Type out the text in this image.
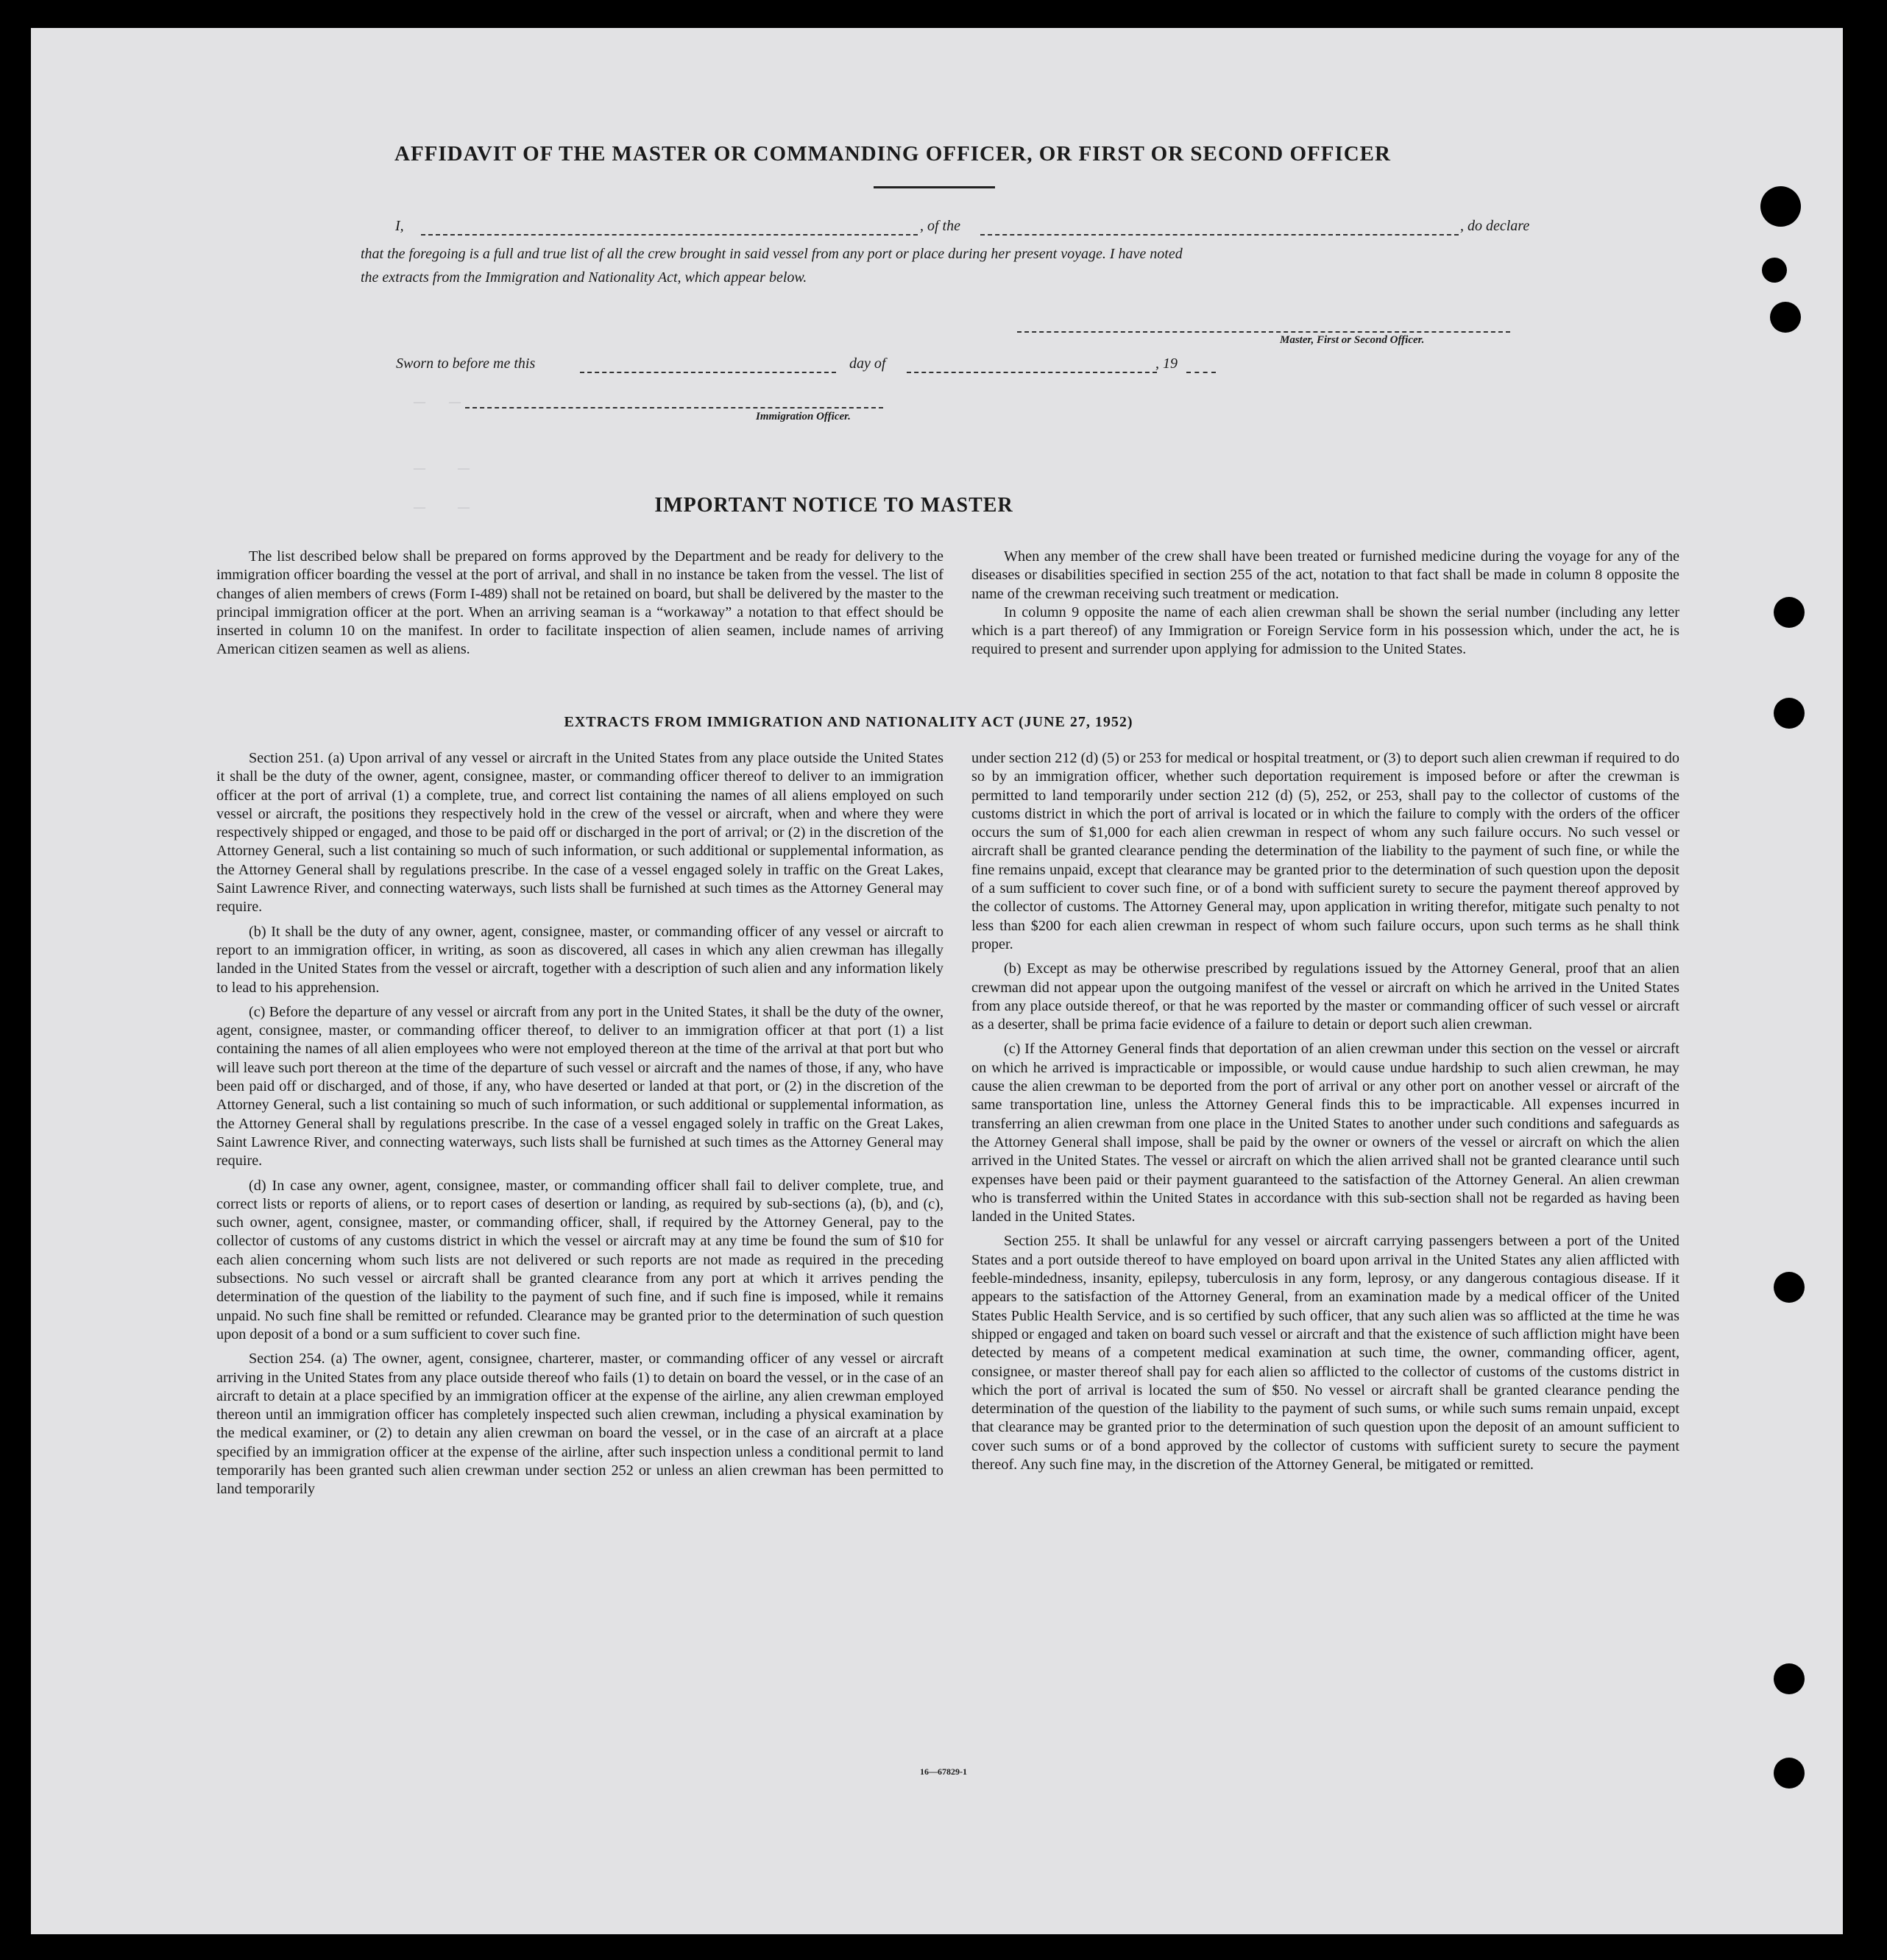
AFFIDAVIT OF THE MASTER OR COMMANDING OFFICER, OR FIRST OR SECOND OFFICER
I,	, of the	, do declare
that the foregoing is a full and true list of all the crew brought in said vessel from any port or place during her present voyage. I have noted
the extracts from the Immigration and Nationality Act, which appear below.
Master, First or Second Officer.
Sworn to before me this	day of	, 19
Immigration Officer.
—        —
—           —
—           —	IMPORTANT NOTICE TO MASTER

The list described below shall be prepared on forms approved by the Department and be ready for delivery to the immigration officer boarding the vessel at the port of arrival, and shall in no instance be taken from the vessel. The list of changes of alien members of crews (Form I-489) shall not be retained on board, but shall be delivered by the master to the principal immigration officer at the port. When an arriving seaman is a “workaway” a notation to that effect should be inserted in column 10 on the manifest. In order to facilitate inspection of alien seamen, include names of arriving American citizen seamen as well as aliens.

When any member of the crew shall have been treated or furnished medicine during the voyage for any of the diseases or disabilities specified in section 255 of the act, notation to that fact shall be made in column 8 opposite the name of the crewman receiving such treatment or medication.

In column 9 opposite the name of each alien crewman shall be shown the serial number (including any letter which is a part thereof) of any Immigration or Foreign Service form in his possession which, under the act, he is required to present and surrender upon applying for admission to the United States.

EXTRACTS FROM IMMIGRATION AND NATIONALITY ACT (JUNE 27, 1952)

Section 251. (a) Upon arrival of any vessel or aircraft in the United States from any place outside the United States it shall be the duty of the owner, agent, consignee, master, or commanding officer thereof to deliver to an immigration officer at the port of arrival (1) a complete, true, and correct list containing the names of all aliens employed on such vessel or aircraft, the positions they respectively hold in the crew of the vessel or aircraft, when and where they were respectively shipped or engaged, and those to be paid off or discharged in the port of arrival; or (2) in the discretion of the Attorney General, such a list containing so much of such information, or such additional or supplemental information, as the Attorney General shall by regulations prescribe. In the case of a vessel engaged solely in traffic on the Great Lakes, Saint Lawrence River, and connecting waterways, such lists shall be furnished at such times as the Attorney General may require.

(b) It shall be the duty of any owner, agent, consignee, master, or commanding officer of any vessel or aircraft to report to an immigration officer, in writing, as soon as discovered, all cases in which any alien crewman has illegally landed in the United States from the vessel or aircraft, together with a description of such alien and any information likely to lead to his apprehension.

(c) Before the departure of any vessel or aircraft from any port in the United States, it shall be the duty of the owner, agent, consignee, master, or commanding officer thereof, to deliver to an immigration officer at that port (1) a list containing the names of all alien employees who were not employed thereon at the time of the arrival at that port but who will leave such port thereon at the time of the departure of such vessel or aircraft and the names of those, if any, who have been paid off or discharged, and of those, if any, who have deserted or landed at that port, or (2) in the discretion of the Attorney General, such a list containing so much of such information, or such additional or supplemental information, as the Attorney General shall by regulations prescribe. In the case of a vessel engaged solely in traffic on the Great Lakes, Saint Lawrence River, and connecting waterways, such lists shall be furnished at such times as the Attorney General may require.

(d) In case any owner, agent, consignee, master, or commanding officer shall fail to deliver complete, true, and correct lists or reports of aliens, or to report cases of desertion or landing, as required by sub-sections (a), (b), and (c), such owner, agent, consignee, master, or commanding officer, shall, if required by the Attorney General, pay to the collector of customs of any customs district in which the vessel or aircraft may at any time be found the sum of $10 for each alien concerning whom such lists are not delivered or such reports are not made as required in the preceding subsections. No such vessel or aircraft shall be granted clearance from any port at which it arrives pending the determination of the question of the liability to the payment of such fine, and if such fine is imposed, while it remains unpaid. No such fine shall be remitted or refunded. Clearance may be granted prior to the determination of such question upon deposit of a bond or a sum sufficient to cover such fine.

Section 254. (a) The owner, agent, consignee, charterer, master, or commanding officer of any vessel or aircraft arriving in the United States from any place outside thereof who fails (1) to detain on board the vessel, or in the case of an aircraft to detain at a place specified by an immigration officer at the expense of the airline, any alien crewman employed thereon until an immigration officer has completely inspected such alien crewman, including a physical examination by the medical examiner, or (2) to detain any alien crewman on board the vessel, or in the case of an aircraft at a place specified by an immigration officer at the expense of the airline, after such inspection unless a conditional permit to land temporarily has been granted such alien crewman under section 252 or unless an alien crewman has been permitted to land temporarily

under section 212 (d) (5) or 253 for medical or hospital treatment, or (3) to deport such alien crewman if required to do so by an immigration officer, whether such deportation requirement is imposed before or after the crewman is permitted to land temporarily under section 212 (d) (5), 252, or 253, shall pay to the collector of customs of the customs district in which the port of arrival is located or in which the failure to comply with the orders of the officer occurs the sum of $1,000 for each alien crewman in respect of whom any such failure occurs. No such vessel or aircraft shall be granted clearance pending the determination of the liability to the payment of such fine, or while the fine remains unpaid, except that clearance may be granted prior to the determination of such question upon the deposit of a sum sufficient to cover such fine, or of a bond with sufficient surety to secure the payment thereof approved by the collector of customs. The Attorney General may, upon application in writing therefor, mitigate such penalty to not less than $200 for each alien crewman in respect of whom such failure occurs, upon such terms as he shall think proper.

(b) Except as may be otherwise prescribed by regulations issued by the Attorney General, proof that an alien crewman did not appear upon the outgoing manifest of the vessel or aircraft on which he arrived in the United States from any place outside thereof, or that he was reported by the master or commanding officer of such vessel or aircraft as a deserter, shall be prima facie evidence of a failure to detain or deport such alien crewman.

(c) If the Attorney General finds that deportation of an alien crewman under this section on the vessel or aircraft on which he arrived is impracticable or impossible, or would cause undue hardship to such alien crewman, he may cause the alien crewman to be deported from the port of arrival or any other port on another vessel or aircraft of the same transportation line, unless the Attorney General finds this to be impracticable. All expenses incurred in transferring an alien crewman from one place in the United States to another under such conditions and safeguards as the Attorney General shall impose, shall be paid by the owner or owners of the vessel or aircraft on which the alien arrived in the United States. The vessel or aircraft on which the alien arrived shall not be granted clearance until such expenses have been paid or their payment guaranteed to the satisfaction of the Attorney General. An alien crewman who is transferred within the United States in accordance with this sub-section shall not be regarded as having been landed in the United States.

Section 255. It shall be unlawful for any vessel or aircraft carrying passengers between a port of the United States and a port outside thereof to have employed on board upon arrival in the United States any alien afflicted with feeble-mindedness, insanity, epilepsy, tuberculosis in any form, leprosy, or any dangerous contagious disease. If it appears to the satisfaction of the Attorney General, from an examination made by a medical officer of the United States Public Health Service, and is so certified by such officer, that any such alien was so afflicted at the time he was shipped or engaged and taken on board such vessel or aircraft and that the existence of such affliction might have been detected by means of a competent medical examination at such time, the owner, commanding officer, agent, consignee, or master thereof shall pay for each alien so afflicted to the collector of customs of the customs district in which the port of arrival is located the sum of $50. No vessel or aircraft shall be granted clearance pending the determination of the question of the liability to the payment of such sums, or while such sums remain unpaid, except that clearance may be granted prior to the determination of such question upon the deposit of an amount sufficient to cover such sums or of a bond approved by the collector of customs with sufficient surety to secure the payment thereof. Any such fine may, in the discretion of the Attorney General, be mitigated or remitted.

16—67829-1
